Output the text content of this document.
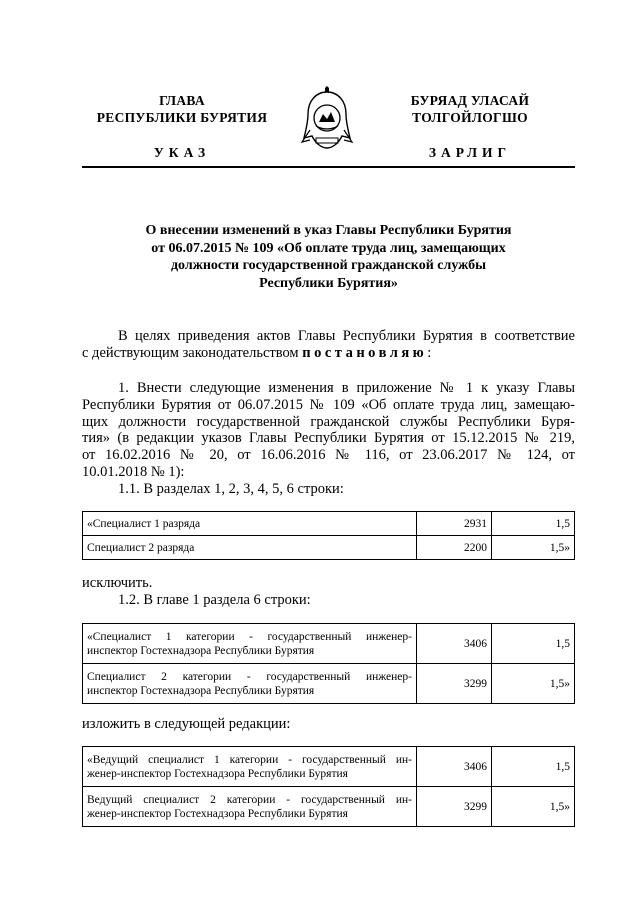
ГЛАВА
РЕСПУБЛИКИ БУРЯТИЯ
УКАЗ
БУРЯАД УЛАСАЙ
ТОЛГОЙЛОГШО
ЗАРЛИГ
О внесении изменений в указ Главы Республики Бурятия
от 06.07.2015 № 109 «Об оплате труда лиц, замещающих
должности государственной гражданской службы
Республики Бурятия»
В целях приведения актов Главы Республики Бурятия в соответствие
с действующим законодательством постановляю:
1. Внести следующие изменения в приложение № 1 к указу Главы
Республики Бурятия от 06.07.2015 № 109 «Об оплате труда лиц, замещаю-
щих должности государственной гражданской службы Республики Буря-
тия» (в редакции указов Главы Республики Бурятия от 15.12.2015 № 219,
от 16.02.2016 № 20, от 16.06.2016 № 116, от 23.06.2017 № 124, от
10.01.2018 № 1):
1.1. В разделах 1, 2, 3, 4, 5, 6 строки:
«Специалист 1 разряда	2931	1,5
Специалист 2 разряда	2200	1,5»
исключить.
1.2. В главе 1 раздела 6 строки:
«Специалист 1 категории - государственный инженер-
инспектор Гостехнадзора Республики Бурятия	3406	1,5

Специалист 2 категории - государственный инженер-
инспектор Гостехнадзора Республики Бурятия	3299	1,5»
изложить в следующей редакции:
«Ведущий специалист 1 категории - государственный ин-
женер-инспектор Гостехнадзора Республики Бурятия	3406	1,5

Ведущий специалист 2 категории - государственный ин-
женер-инспектор Гостехнадзора Республики Бурятия	3299	1,5»
